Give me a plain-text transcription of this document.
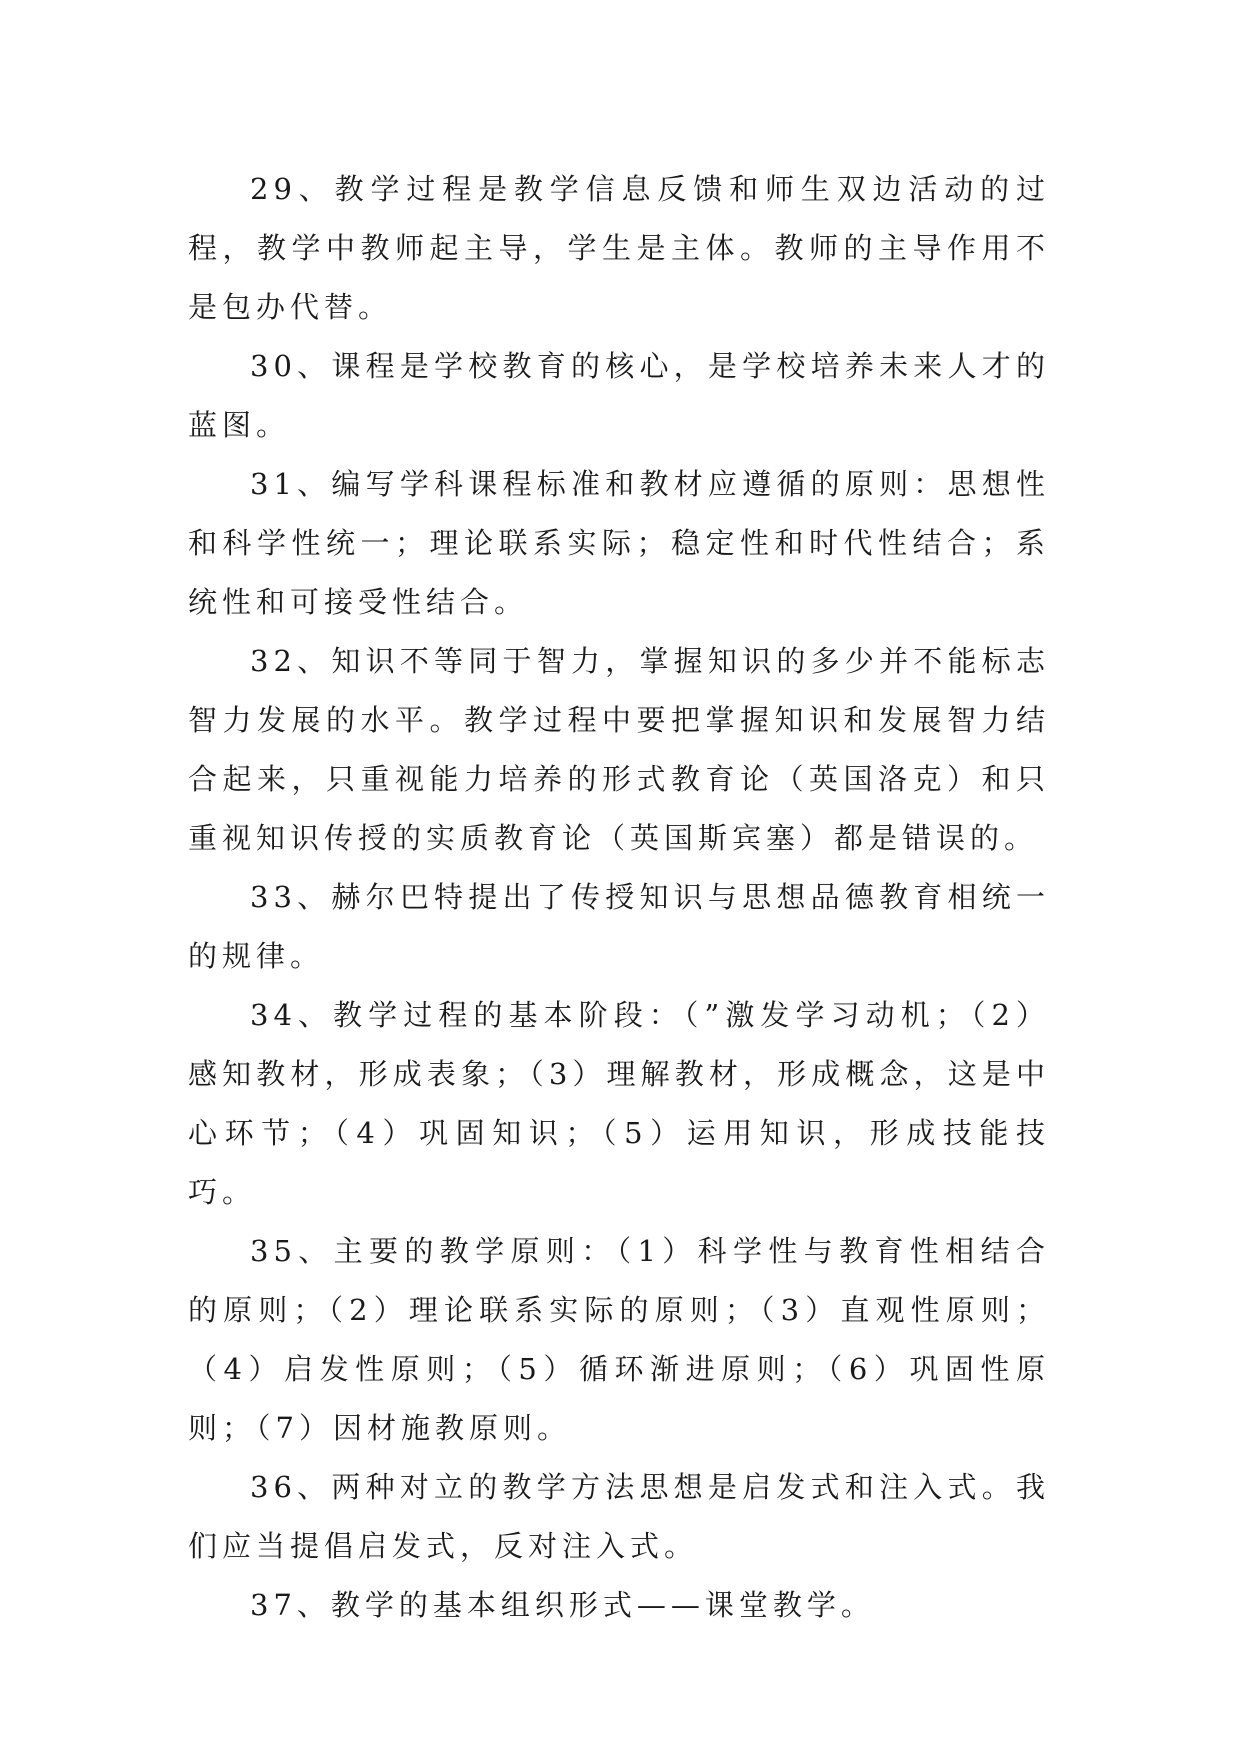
29、教学过程是教学信息反馈和师生双边活动的过程，教学中教师起主导，学生是主体。教师的主导作用不是包办代替。

30、课程是学校教育的核心，是学校培养未来人才的蓝图。

31、编写学科课程标准和教材应遵循的原则：思想性和科学性统一；理论联系实际；稳定性和时代性结合；系统性和可接受性结合。

32、知识不等同于智力，掌握知识的多少并不能标志智力发展的水平。教学过程中要把掌握知识和发展智力结合起来，只重视能力培养的形式教育论（英国洛克）和只重视知识传授的实质教育论（英国斯宾塞）都是错误的。

33、赫尔巴特提出了传授知识与思想品德教育相统一的规律。

34、教学过程的基本阶段：（”激发学习动机；（2）感知教材，形成表象；（3）理解教材，形成概念，这是中心环节；（4）巩固知识；（5）运用知识，形成技能技巧。

35、主要的教学原则：（1）科学性与教育性相结合的原则；（2）理论联系实际的原则；（3）直观性原则；（4）启发性原则；（5）循环渐进原则；（6）巩固性原则；（7）因材施教原则。

36、两种对立的教学方法思想是启发式和注入式。我们应当提倡启发式，反对注入式。

37、教学的基本组织形式——课堂教学。
